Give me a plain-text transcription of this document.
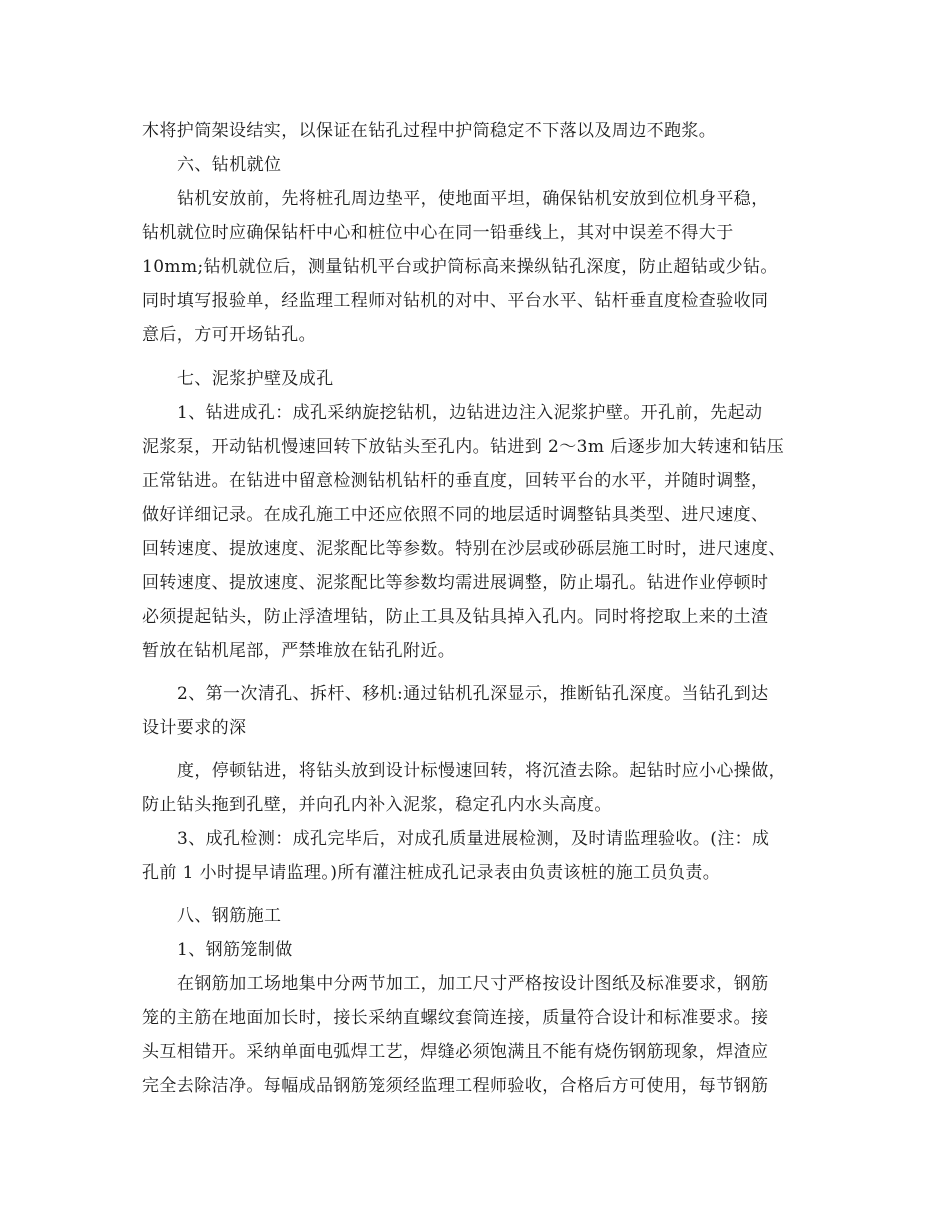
木将护筒架设结实，以保证在钻孔过程中护筒稳定不下落以及周边不跑浆。
六、钻机就位
钻机安放前，先将桩孔周边垫平，使地面平坦，确保钻机安放到位机身平稳，
钻机就位时应确保钻杆中心和桩位中心在同一铅垂线上，其对中误差不得大于
10mm;钻机就位后，测量钻机平台或护筒标高来操纵钻孔深度，防止超钻或少钻。
同时填写报验单，经监理工程师对钻机的对中、平台水平、钻杆垂直度检查验收同
意后，方可开场钻孔。
七、泥浆护壁及成孔
1、钻进成孔：成孔采纳旋挖钻机，边钻进边注入泥浆护壁。开孔前，先起动
泥浆泵，开动钻机慢速回转下放钻头至孔内。钻进到 2～3m 后逐步加大转速和钻压
正常钻进。在钻进中留意检测钻机钻杆的垂直度，回转平台的水平，并随时调整，
做好详细记录。在成孔施工中还应依照不同的地层适时调整钻具类型、进尺速度、
回转速度、提放速度、泥浆配比等参数。特别在沙层或砂砾层施工时时，进尺速度、
回转速度、提放速度、泥浆配比等参数均需进展调整，防止塌孔。钻进作业停顿时
必须提起钻头，防止浮渣埋钻，防止工具及钻具掉入孔内。同时将挖取上来的土渣
暂放在钻机尾部，严禁堆放在钻孔附近。
2、第一次清孔、拆杆、移机:通过钻机孔深显示，推断钻孔深度。当钻孔到达
设计要求的深
度，停顿钻进，将钻头放到设计标慢速回转，将沉渣去除。起钻时应小心操做，
防止钻头拖到孔壁，并向孔内补入泥浆，稳定孔内水头高度。
3、成孔检测：成孔完毕后，对成孔质量进展检测，及时请监理验收。(注：成
孔前 1 小时提早请监理。)所有灌注桩成孔记录表由负责该桩的施工员负责。
八、钢筋施工
1、钢筋笼制做
在钢筋加工场地集中分两节加工，加工尺寸严格按设计图纸及标准要求，钢筋
笼的主筋在地面加长时，接长采纳直螺纹套筒连接，质量符合设计和标准要求。接
头互相错开。采纳单面电弧焊工艺，焊缝必须饱满且不能有烧伤钢筋现象，焊渣应
完全去除洁净。每幅成品钢筋笼须经监理工程师验收，合格后方可使用，每节钢筋
